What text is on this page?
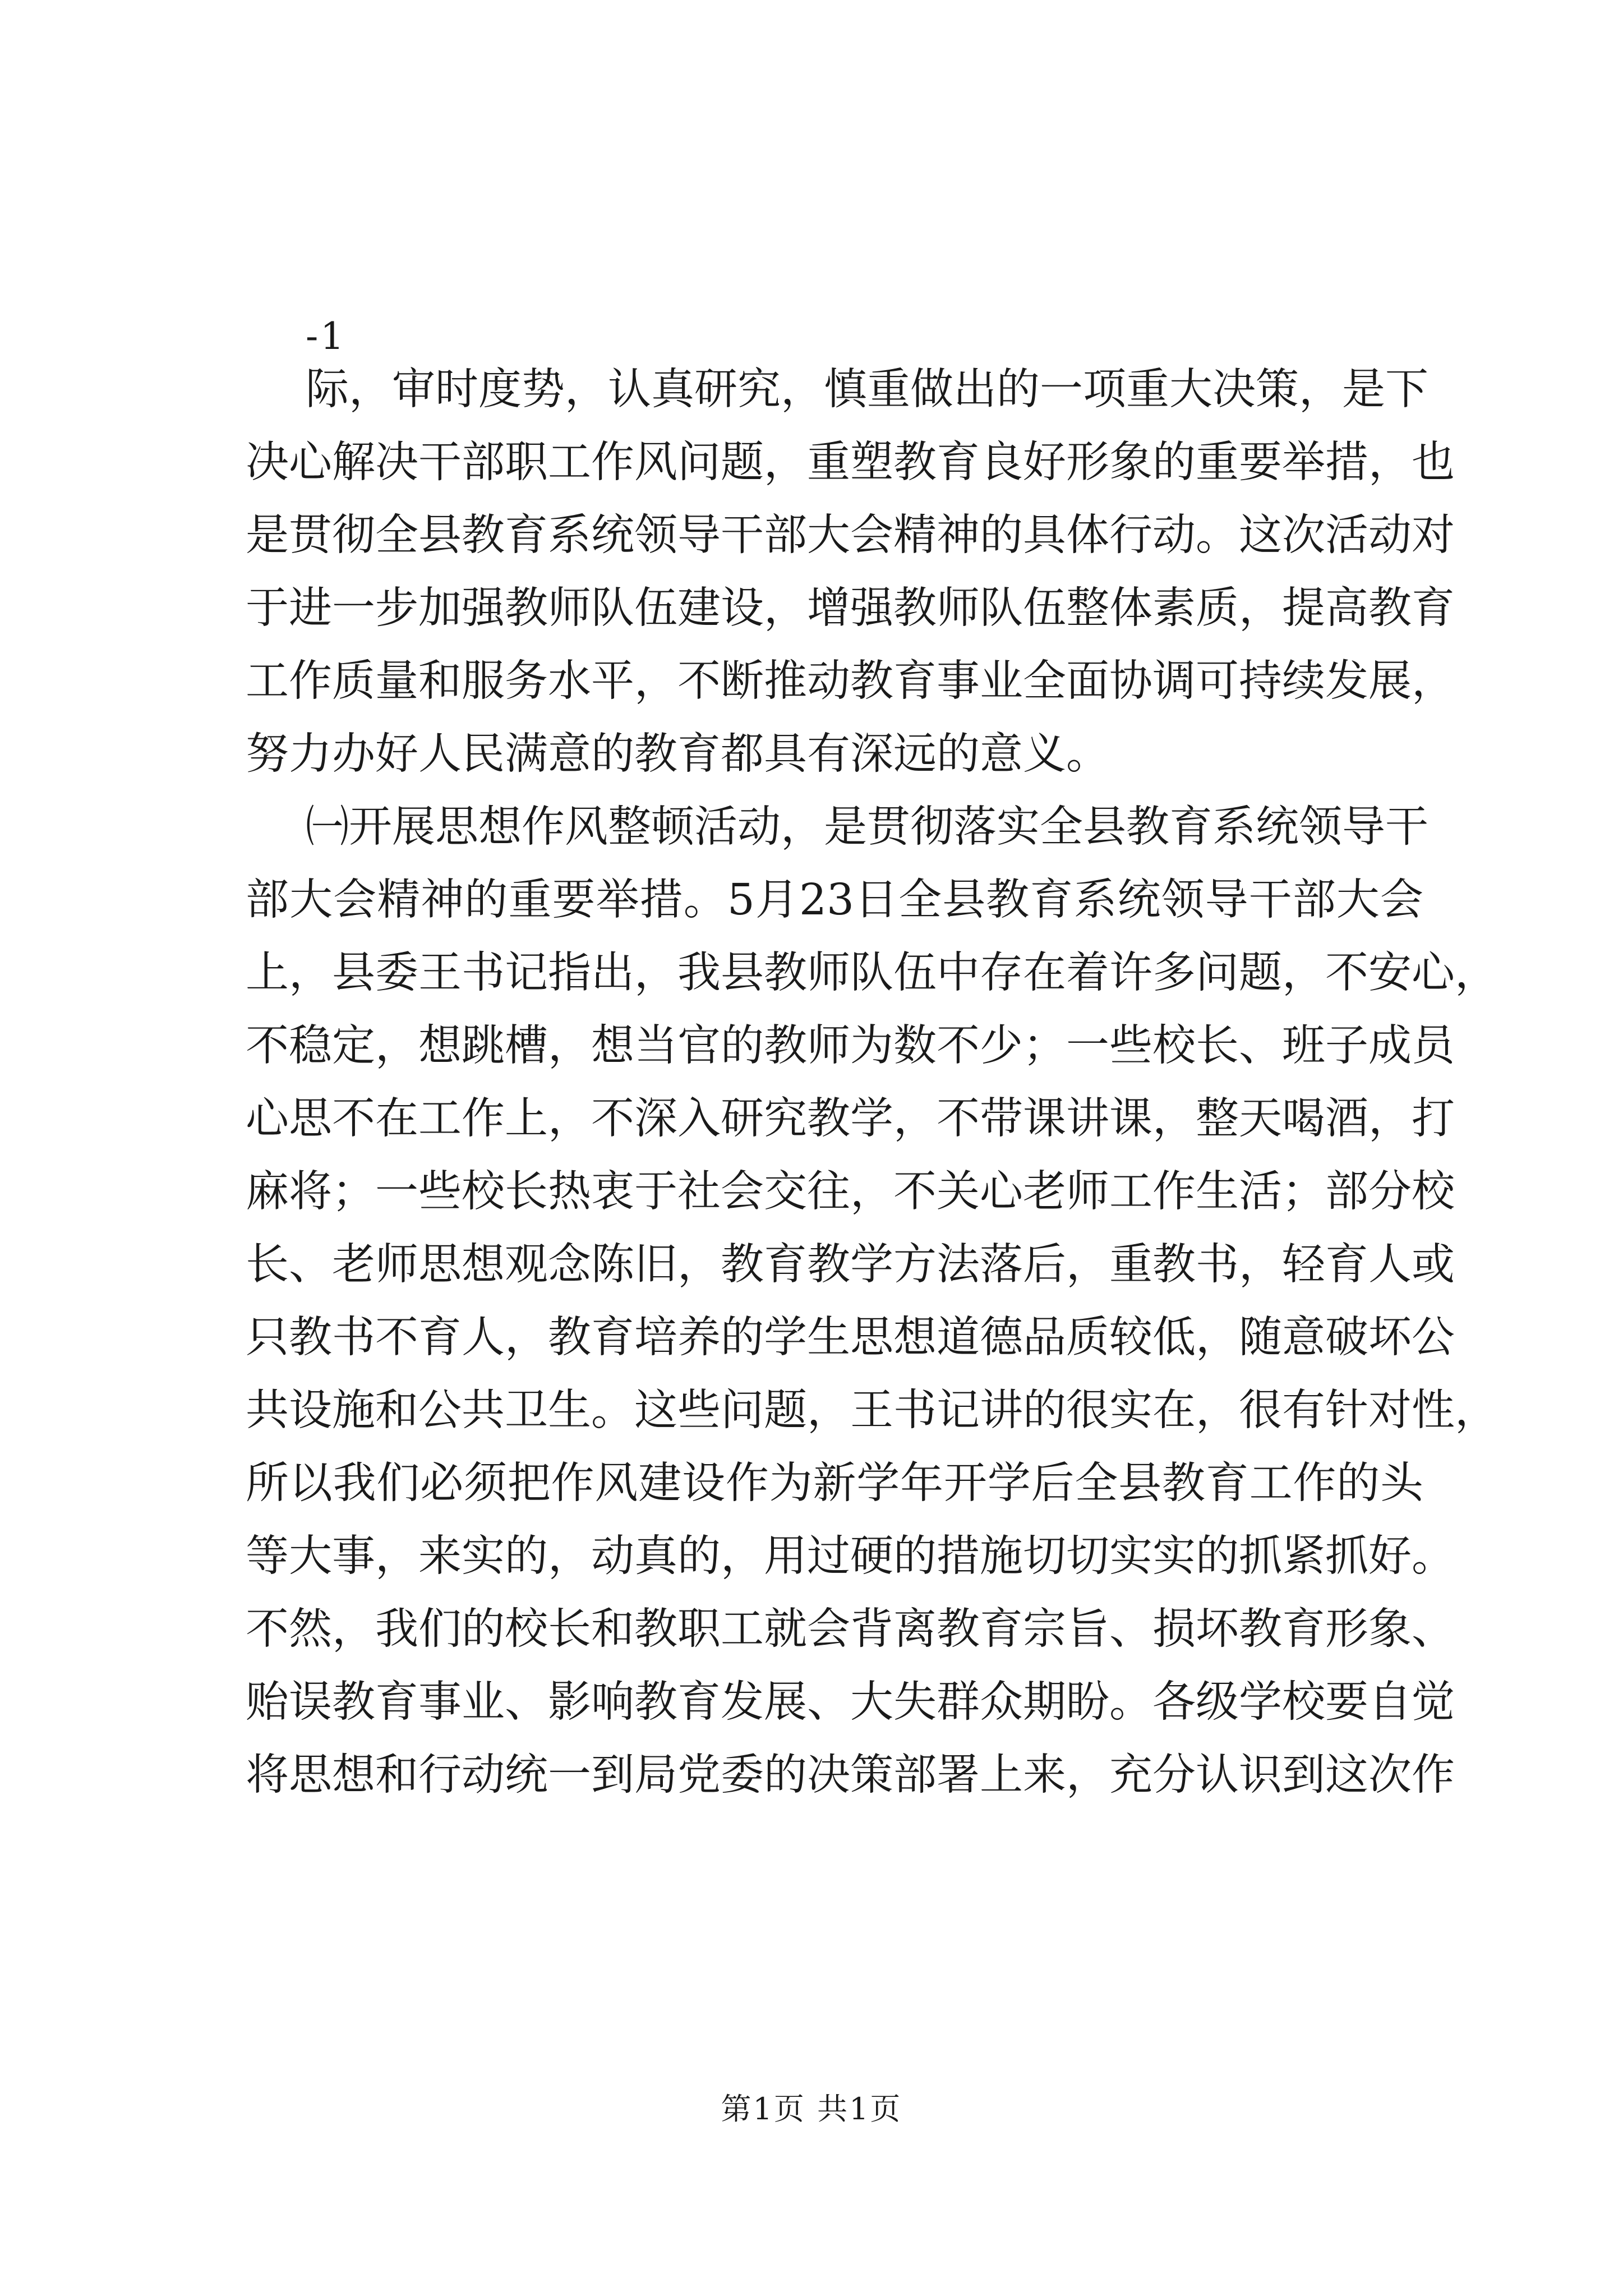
-1
际，审时度势，认真研究，慎重做出的一项重大决策，是下
决心解决干部职工作风问题，重塑教育良好形象的重要举措，也
是贯彻全县教育系统领导干部大会精神的具体行动。这次活动对
于进一步加强教师队伍建设，增强教师队伍整体素质，提高教育
工作质量和服务水平，不断推动教育事业全面协调可持续发展，
努力办好人民满意的教育都具有深远的意义。
㈠开展思想作风整顿活动，是贯彻落实全县教育系统领导干
部大会精神的重要举措。5月23日全县教育系统领导干部大会
上，县委王书记指出，我县教师队伍中存在着许多问题，不安心，
不稳定，想跳槽，想当官的教师为数不少；一些校长、班子成员
心思不在工作上，不深入研究教学，不带课讲课，整天喝酒，打
麻将；一些校长热衷于社会交往，不关心老师工作生活；部分校
长、老师思想观念陈旧，教育教学方法落后，重教书，轻育人或
只教书不育人，教育培养的学生思想道德品质较低，随意破坏公
共设施和公共卫生。这些问题，王书记讲的很实在，很有针对性，
所以我们必须把作风建设作为新学年开学后全县教育工作的头
等大事，来实的，动真的，用过硬的措施切切实实的抓紧抓好。
不然，我们的校长和教职工就会背离教育宗旨、损坏教育形象、
贻误教育事业、影响教育发展、大失群众期盼。各级学校要自觉
将思想和行动统一到局党委的决策部署上来，充分认识到这次作
第1页 共1页
